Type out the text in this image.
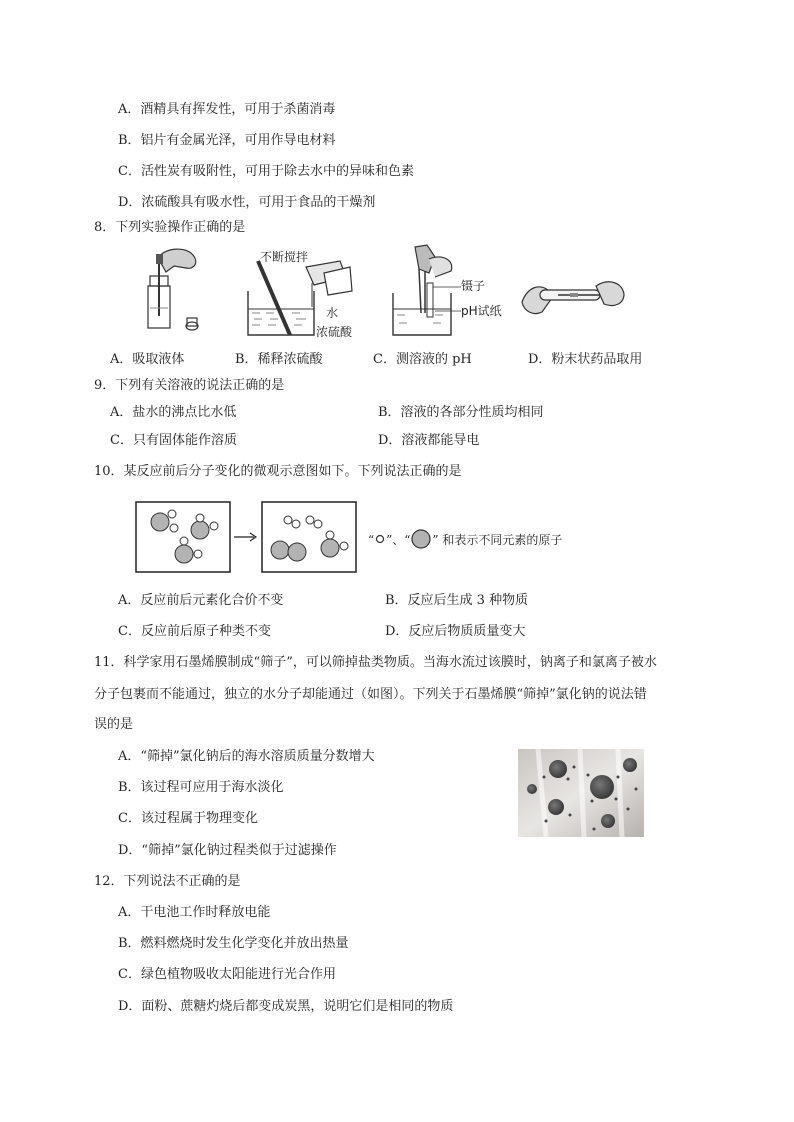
A．酒精具有挥发性，可用于杀菌消毒
B．铝片有金属光泽，可用作导电材料
C．活性炭有吸附性，可用于除去水中的异味和色素
D．浓硫酸具有吸水性，可用于食品的干燥剂
8．下列实验操作正确的是
不断搅拌
水
浓硫酸
镊子
pH试纸
A．吸取液体	B．稀释浓硫酸	C．测溶液的 pH	D．粉末状药品取用
9．下列有关溶液的说法正确的是
A．盐水的沸点比水低	B．溶液的各部分性质均相同
C．只有固体能作溶质	D．溶液都能导电
10．某反应前后分子变化的微观示意图如下。下列说法正确的是
“ ”、“ ” 和表示不同元素的原子
A．反应前后元素化合价不变	B．反应后生成 3 种物质
C．反应前后原子种类不变	D．反应后物质质量变大
11．科学家用石墨烯膜制成“筛子”，可以筛掉盐类物质。当海水流过该膜时，钠离子和氯离子被水
分子包裹而不能通过，独立的水分子却能通过（如图）。下列关于石墨烯膜“筛掉”氯化钠的说法错
误的是
A．“筛掉”氯化钠后的海水溶质质量分数增大
B．该过程可应用于海水淡化
C．该过程属于物理变化
D．“筛掉”氯化钠过程类似于过滤操作
12．下列说法不正确的是
A．干电池工作时释放电能
B．燃料燃烧时发生化学变化并放出热量
C．绿色植物吸收太阳能进行光合作用
D．面粉、蔗糖灼烧后都变成炭黑，说明它们是相同的物质
